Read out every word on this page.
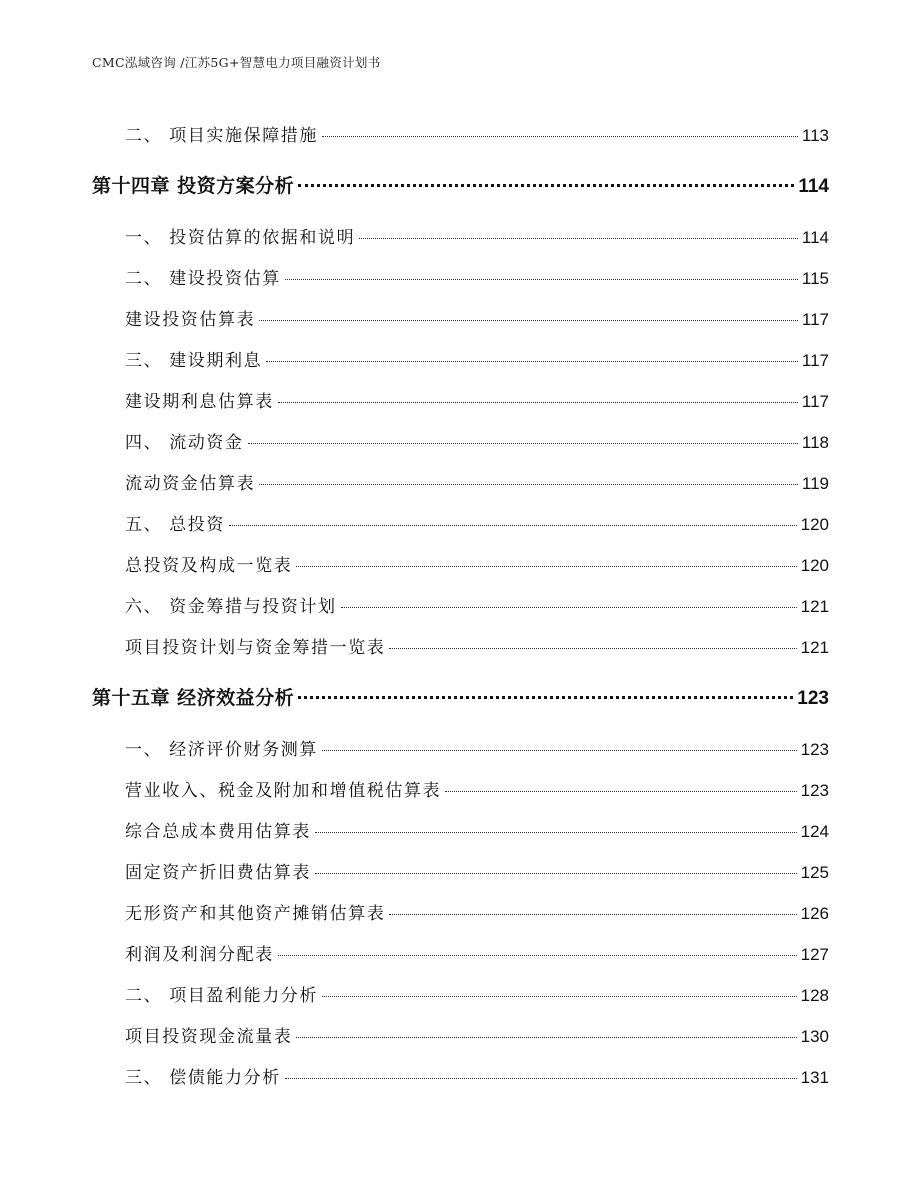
CMC泓域咨询 /江苏5G+智慧电力项目融资计划书
二、 项目实施保障措施	113
第十四章 投资方案分析	114
一、 投资估算的依据和说明	114
二、 建设投资估算	115
建设投资估算表	117
三、 建设期利息	117
建设期利息估算表	117
四、 流动资金	118
流动资金估算表	119
五、 总投资	120
总投资及构成一览表	120
六、 资金筹措与投资计划	121
项目投资计划与资金筹措一览表	121
第十五章 经济效益分析	123
一、 经济评价财务测算	123
营业收入、税金及附加和增值税估算表	123
综合总成本费用估算表	124
固定资产折旧费估算表	125
无形资产和其他资产摊销估算表	126
利润及利润分配表	127
二、 项目盈利能力分析	128
项目投资现金流量表	130
三、 偿债能力分析	131
